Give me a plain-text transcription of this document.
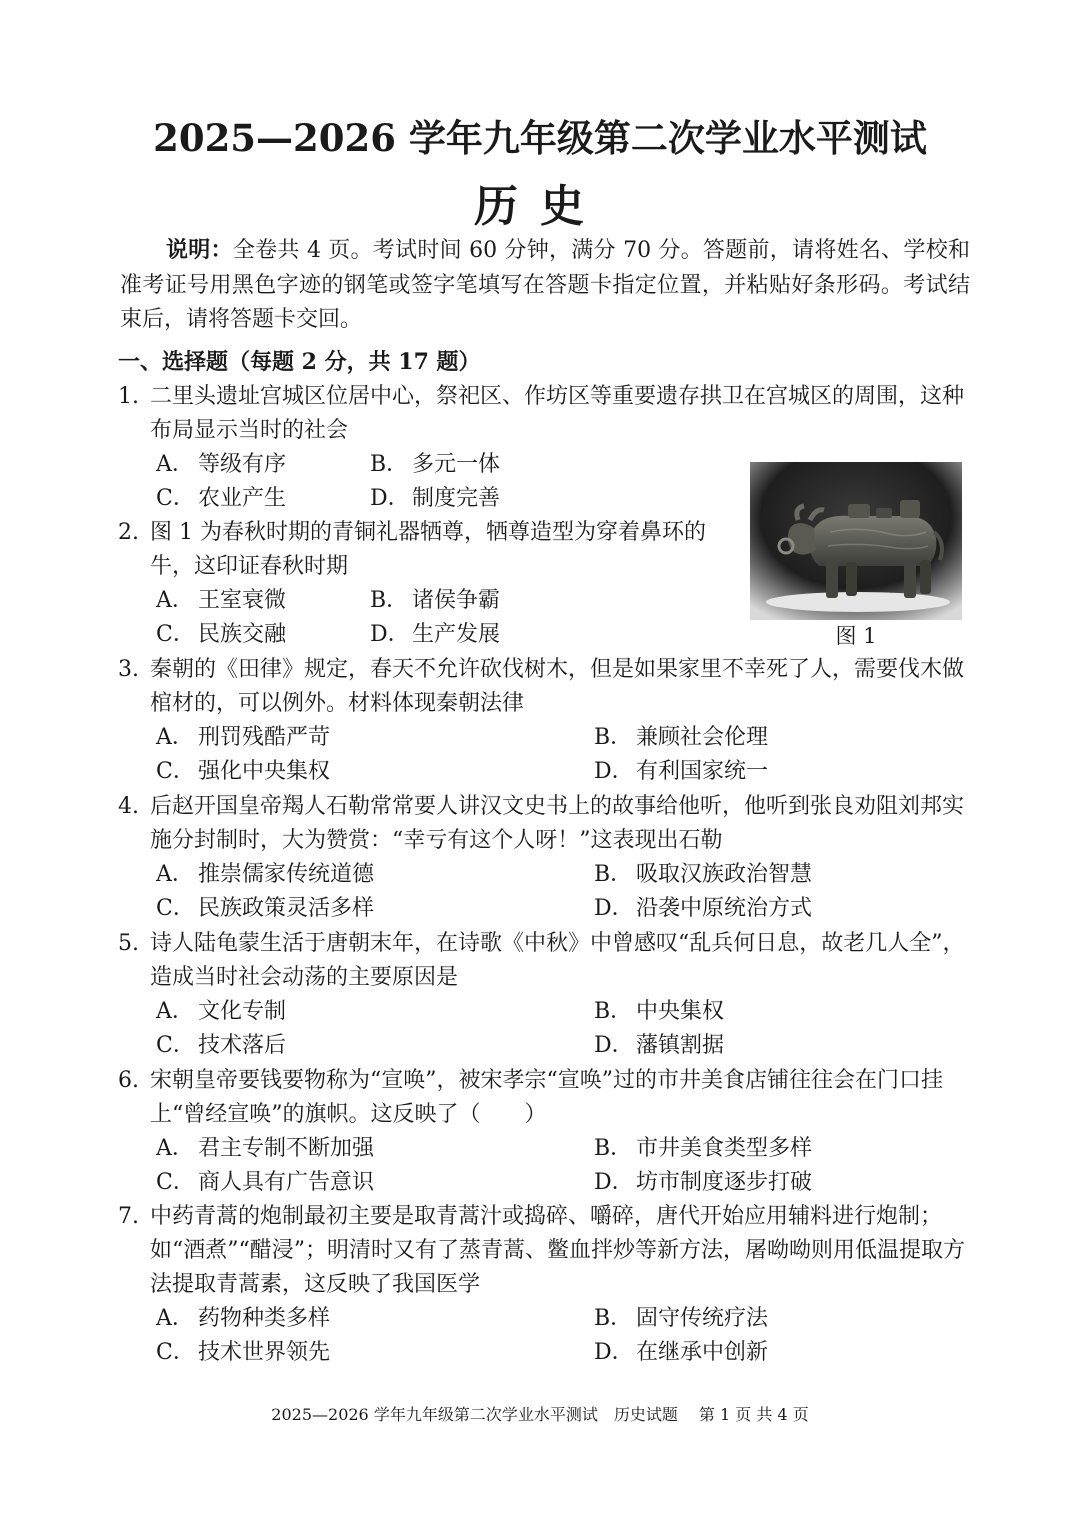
2025—2026 学年九年级第二次学业水平测试
历史
说明：全卷共 4 页。考试时间 60 分钟，满分 70 分。答题前，请将姓名、学校和准考证号用黑色字迹的钢笔或签字笔填写在答题卡指定位置，并粘贴好条形码。考试结束后，请将答题卡交回。
一、选择题（每题 2 分，共 17 题）
1. 二里头遗址宫城区位居中心，祭祀区、作坊区等重要遗存拱卫在宫城区的周围，这种布局显示当时的社会
A． 等级有序	B． 多元一体
C． 农业产生	D． 制度完善
2. 图 1 为春秋时期的青铜礼器牺尊，牺尊造型为穿着鼻环的牛，这印证春秋时期
A． 王室衰微	B． 诸侯争霸
C． 民族交融	D． 生产发展	图 1
3. 秦朝的《田律》规定，春天不允许砍伐树木，但是如果家里不幸死了人，需要伐木做棺材的，可以例外。材料体现秦朝法律
A． 刑罚残酷严苛	B． 兼顾社会伦理
C． 强化中央集权	D． 有利国家统一
4. 后赵开国皇帝羯人石勒常常要人讲汉文史书上的故事给他听，他听到张良劝阻刘邦实施分封制时，大为赞赏：“幸亏有这个人呀！”这表现出石勒
A． 推崇儒家传统道德	B． 吸取汉族政治智慧
C． 民族政策灵活多样	D． 沿袭中原统治方式
5. 诗人陆龟蒙生活于唐朝末年，在诗歌《中秋》中曾感叹“乱兵何日息，故老几人全”，造成当时社会动荡的主要原因是
A． 文化专制	B． 中央集权
C． 技术落后	D． 藩镇割据
6. 宋朝皇帝要钱要物称为“宣唤”，被宋孝宗“宣唤”过的市井美食店铺往往会在门口挂上“曾经宣唤”的旗帜。这反映了（　　）
A． 君主专制不断加强	B． 市井美食类型多样
C． 商人具有广告意识	D． 坊市制度逐步打破
7. 中药青蒿的炮制最初主要是取青蒿汁或捣碎、嚼碎，唐代开始应用辅料进行炮制；如“酒煮”“醋浸”；明清时又有了蒸青蒿、鳖血拌炒等新方法，屠呦呦则用低温提取方法提取青蒿素，这反映了我国医学
A． 药物种类多样	B． 固守传统疗法
C． 技术世界领先	D． 在继承中创新
2025—2026 学年九年级第二次学业水平测试　历史试题　 第 1 页 共 4 页
